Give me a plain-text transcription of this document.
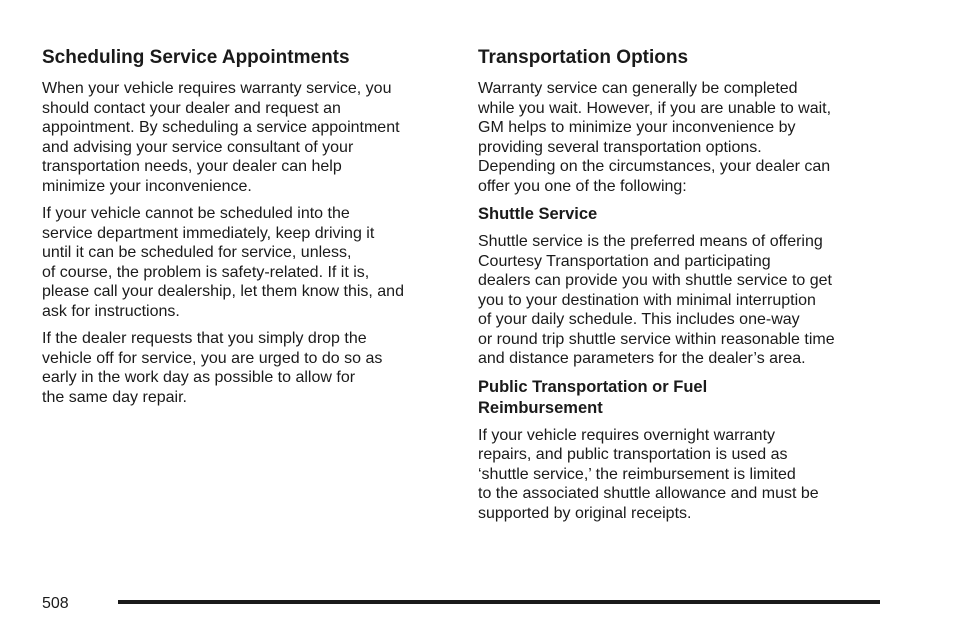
Scheduling Service Appointments

When your vehicle requires warranty service, you
should contact your dealer and request an
appointment. By scheduling a service appointment
and advising your service consultant of your
transportation needs, your dealer can help
minimize your inconvenience.

If your vehicle cannot be scheduled into the
service department immediately, keep driving it
until it can be scheduled for service, unless,
of course, the problem is safety-related. If it is,
please call your dealership, let them know this, and
ask for instructions.

If the dealer requests that you simply drop the
vehicle off for service, you are urged to do so as
early in the work day as possible to allow for
the same day repair.

Transportation Options

Warranty service can generally be completed
while you wait. However, if you are unable to wait,
GM helps to minimize your inconvenience by
providing several transportation options.
Depending on the circumstances, your dealer can
offer you one of the following:

Shuttle Service

Shuttle service is the preferred means of offering
Courtesy Transportation and participating
dealers can provide you with shuttle service to get
you to your destination with minimal interruption
of your daily schedule. This includes one-way
or round trip shuttle service within reasonable time
and distance parameters for the dealer’s area.

Public Transportation or Fuel
Reimbursement

If your vehicle requires overnight warranty
repairs, and public transportation is used as
‘shuttle service,’ the reimbursement is limited
to the associated shuttle allowance and must be
supported by original receipts.

508
